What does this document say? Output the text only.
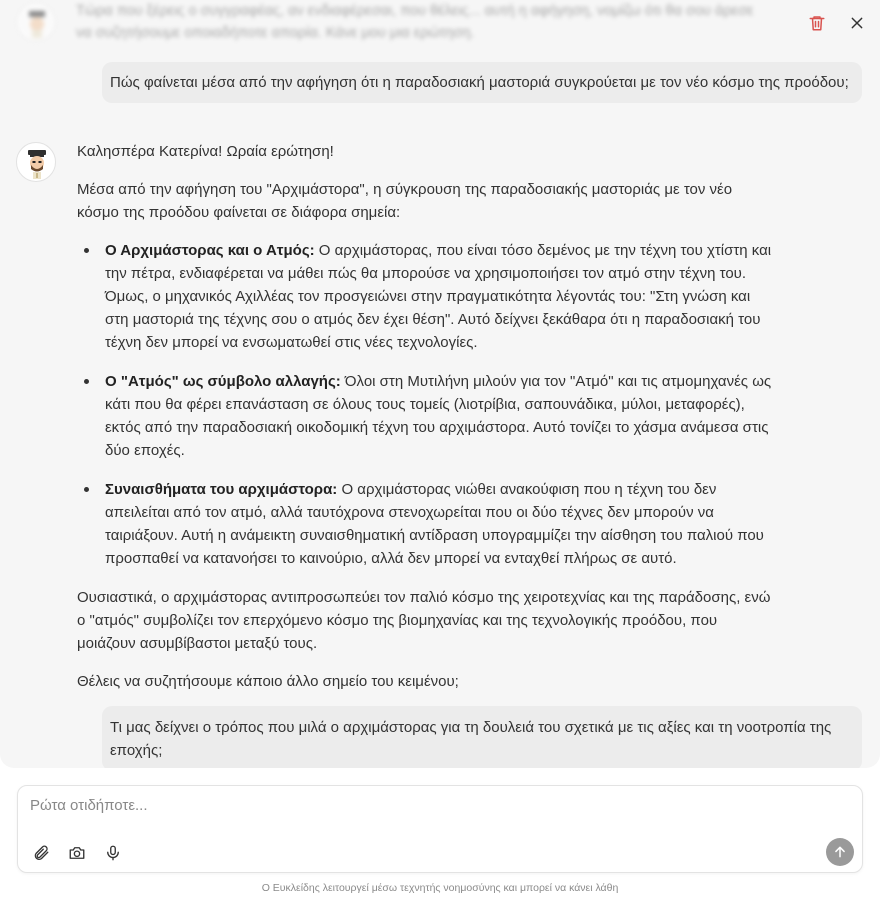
Τώρα που ξέρεις ο συγγραφέας, αν ενδιαφέρεσαι, που θέλεις... αυτή η αφήγηση, νομίζω ότι θα σου άρεσε να συζητήσουμε οποιαδήποτε απορία. Κάνε μου μια ερώτηση.

Πώς φαίνεται μέσα από την αφήγηση ότι η παραδοσιακή μαστοριά συγκρούεται με τον νέο κόσμο της προόδου;

Καλησπέρα Κατερίνα! Ωραία ερώτηση!

Μέσα από την αφήγηση του "Αρχιμάστορα", η σύγκρουση της παραδοσιακής μαστοριάς με τον νέο κόσμο της προόδου φαίνεται σε διάφορα σημεία:

Ο Αρχιμάστορας και ο Ατμός: Ο αρχιμάστορας, που είναι τόσο δεμένος με την τέχνη του χτίστη και την πέτρα, ενδιαφέρεται να μάθει πώς θα μπορούσε να χρησιμοποιήσει τον ατμό στην τέχνη του. Όμως, ο μηχανικός Αχιλλέας τον προσγειώνει στην πραγματικότητα λέγοντάς του: "Στη γνώση και στη μαστοριά της τέχνης σου ο ατμός δεν έχει θέση". Αυτό δείχνει ξεκάθαρα ότι η παραδοσιακή του τέχνη δεν μπορεί να ενσωματωθεί στις νέες τεχνολογίες.
Ο "Ατμός" ως σύμβολο αλλαγής: Όλοι στη Μυτιλήνη μιλούν για τον "Ατμό" και τις ατμομηχανές ως κάτι που θα φέρει επανάσταση σε όλους τους τομείς (λιοτρίβια, σαπουνάδικα, μύλοι, μεταφορές), εκτός από την παραδοσιακή οικοδομική τέχνη του αρχιμάστορα. Αυτό τονίζει το χάσμα ανάμεσα στις δύο εποχές.
Συναισθήματα του αρχιμάστορα: Ο αρχιμάστορας νιώθει ανακούφιση που η τέχνη του δεν απειλείται από τον ατμό, αλλά ταυτόχρονα στενοχωρείται που οι δύο τέχνες δεν μπορούν να ταιριάξουν. Αυτή η ανάμεικτη συναισθηματική αντίδραση υπογραμμίζει την αίσθηση του παλιού που προσπαθεί να κατανοήσει το καινούριο, αλλά δεν μπορεί να ενταχθεί πλήρως σε αυτό.

Ουσιαστικά, ο αρχιμάστορας αντιπροσωπεύει τον παλιό κόσμο της χειροτεχνίας και της παράδοσης, ενώ ο "ατμός" συμβολίζει τον επερχόμενο κόσμο της βιομηχανίας και της τεχνολογικής προόδου, που μοιάζουν ασυμβίβαστοι μεταξύ τους.

Θέλεις να συζητήσουμε κάποιο άλλο σημείο του κειμένου;

Τι μας δείχνει ο τρόπος που μιλά ο αρχιμάστορας για τη δουλειά του σχετικά με τις αξίες και τη νοοτροπία της εποχής;
Ρώτα οτιδήποτε...
Ο Ευκλείδης λειτουργεί μέσω τεχνητής νοημοσύνης και μπορεί να κάνει λάθη
